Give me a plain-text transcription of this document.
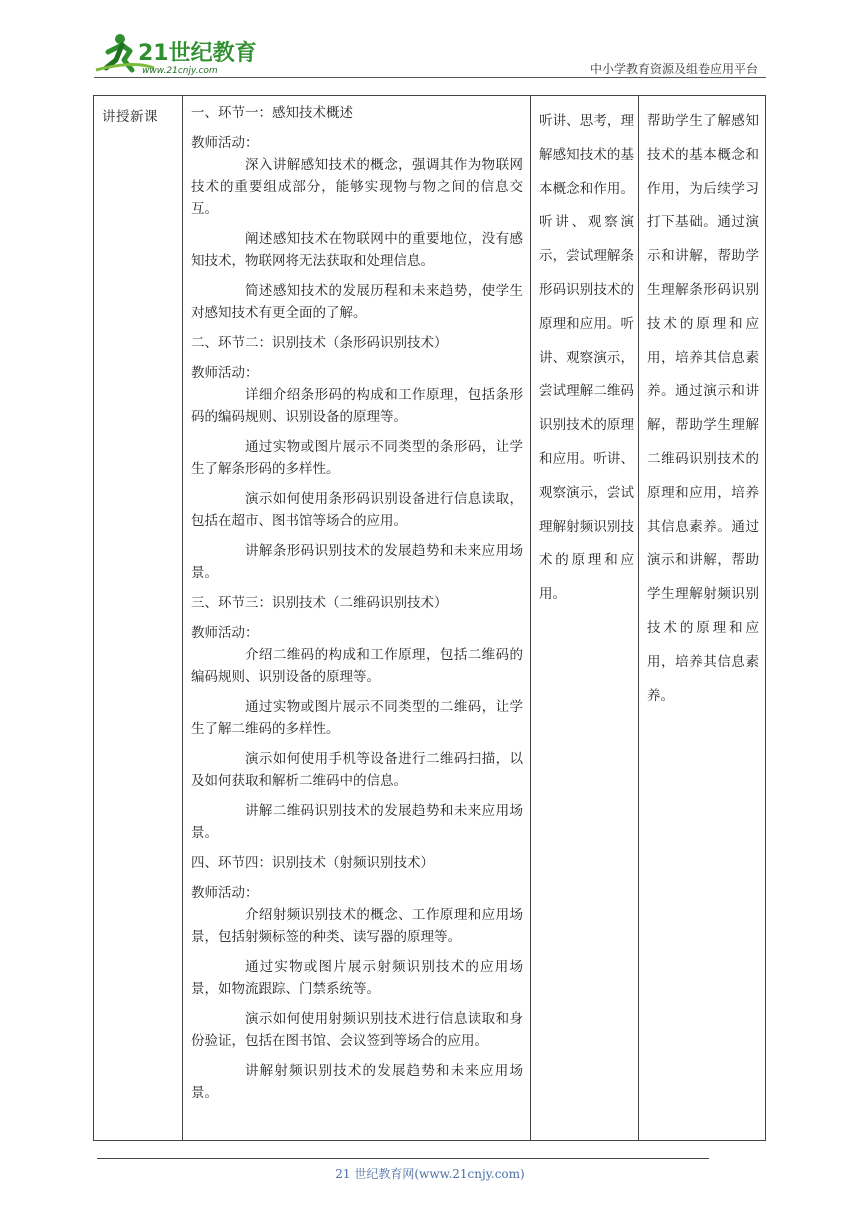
21世纪教育
www.21cnjy.com	中小学教育资源及组卷应用平台
讲授新课 一、环节一：感知技术概述
教师活动：
深入讲解感知技术的概念，强调其作为物联网技术的重要组成部分，能够实现物与物之间的信息交互。
阐述感知技术在物联网中的重要地位，没有感知技术，物联网将无法获取和处理信息。
简述感知技术的发展历程和未来趋势，使学生对感知技术有更全面的了解。
二、环节二：识别技术（条形码识别技术）
教师活动：
详细介绍条形码的构成和工作原理，包括条形码的编码规则、识别设备的原理等。
通过实物或图片展示不同类型的条形码，让学生了解条形码的多样性。
演示如何使用条形码识别设备进行信息读取，包括在超市、图书馆等场合的应用。
讲解条形码识别技术的发展趋势和未来应用场景。
三、环节三：识别技术（二维码识别技术）
教师活动：
介绍二维码的构成和工作原理，包括二维码的编码规则、识别设备的原理等。
通过实物或图片展示不同类型的二维码，让学生了解二维码的多样性。
演示如何使用手机等设备进行二维码扫描，以及如何获取和解析二维码中的信息。
讲解二维码识别技术的发展趋势和未来应用场景。
四、环节四：识别技术（射频识别技术）
教师活动：
介绍射频识别技术的概念、工作原理和应用场景，包括射频标签的种类、读写器的原理等。
通过实物或图片展示射频识别技术的应用场景，如物流跟踪、门禁系统等。
演示如何使用射频识别技术进行信息读取和身份验证，包括在图书馆、会议签到等场合的应用。
讲解射频识别技术的发展趋势和未来应用场景。
听讲、思考，理解感知技术的基本概念和作用。听讲、观察演示，尝试理解条形码识别技术的原理和应用。听讲、观察演示，尝试理解二维码识别技术的原理和应用。听讲、观察演示，尝试理解射频识别技术的原理和应用。
帮助学生了解感知技术的基本概念和作用，为后续学习打下基础。通过演示和讲解，帮助学生理解条形码识别技术的原理和应用，培养其信息素养。通过演示和讲解，帮助学生理解二维码识别技术的原理和应用，培养其信息素养。通过演示和讲解，帮助学生理解射频识别技术的原理和应用，培养其信息素养。
21 世纪教育网(www.21cnjy.com)
